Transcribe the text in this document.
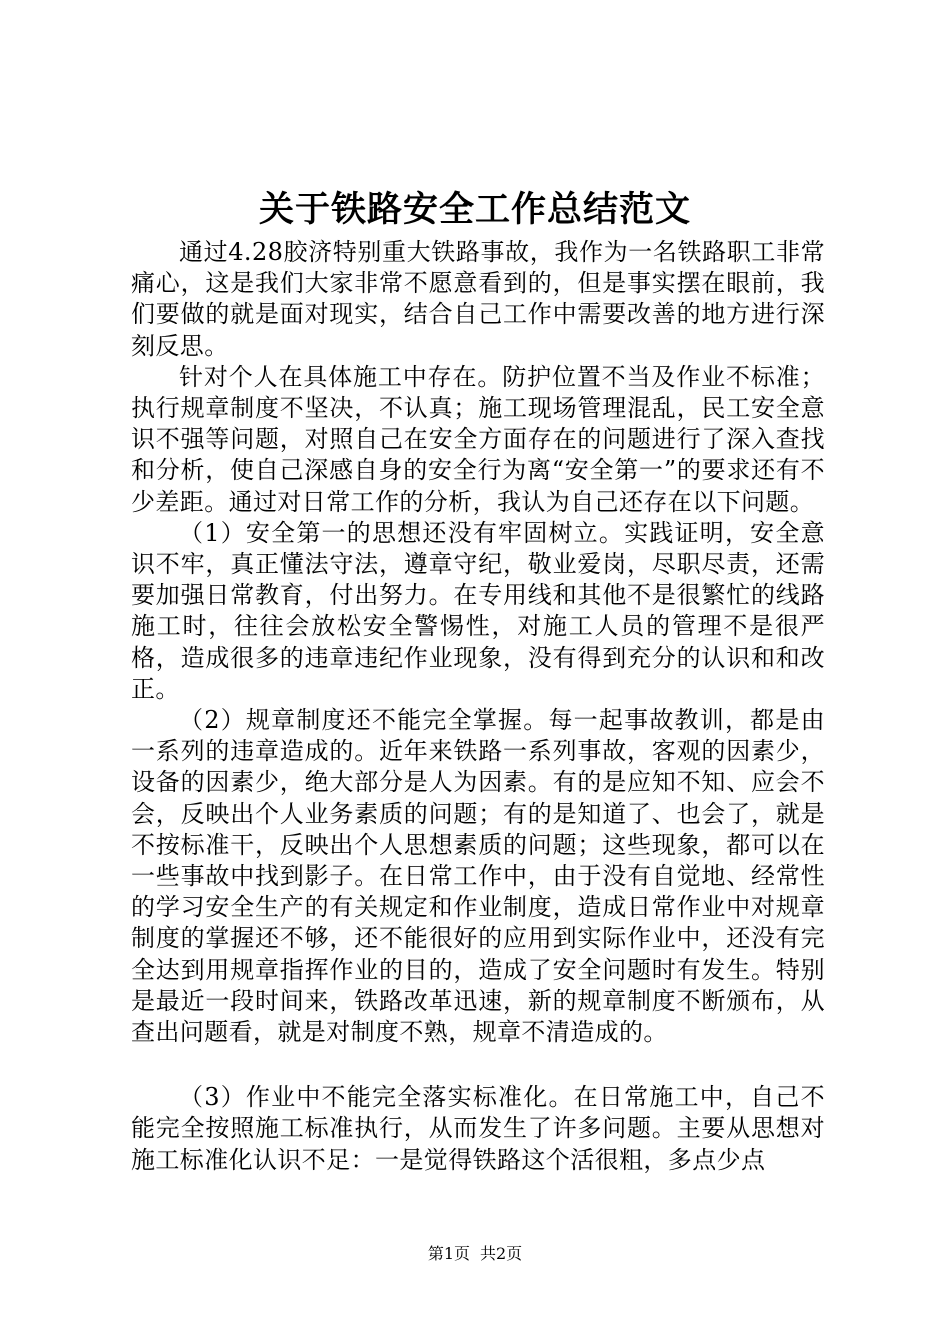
关于铁路安全工作总结范文

通过4.28胶济特别重大铁路事故，我作为一名铁路职工非常痛心，这是我们大家非常不愿意看到的，但是事实摆在眼前，我们要做的就是面对现实，结合自己工作中需要改善的地方进行深刻反思。

针对个人在具体施工中存在。防护位置不当及作业不标准；执行规章制度不坚决，不认真；施工现场管理混乱，民工安全意识不强等问题，对照自己在安全方面存在的问题进行了深入查找和分析，使自己深感自身的安全行为离“安全第一”的要求还有不少差距。通过对日常工作的分析，我认为自己还存在以下问题。

（1）安全第一的思想还没有牢固树立。实践证明，安全意识不牢，真正懂法守法，遵章守纪，敬业爱岗，尽职尽责，还需要加强日常教育，付出努力。在专用线和其他不是很繁忙的线路施工时，往往会放松安全警惕性，对施工人员的管理不是很严格，造成很多的违章违纪作业现象，没有得到充分的认识和和改正。

（2）规章制度还不能完全掌握。每一起事故教训，都是由一系列的违章造成的。近年来铁路一系列事故，客观的因素少，设备的因素少，绝大部分是人为因素。有的是应知不知、应会不会，反映出个人业务素质的问题；有的是知道了、也会了，就是不按标准干，反映出个人思想素质的问题；这些现象，都可以在一些事故中找到影子。在日常工作中，由于没有自觉地、经常性的学习安全生产的有关规定和作业制度，造成日常作业中对规章制度的掌握还不够，还不能很好的应用到实际作业中，还没有完全达到用规章指挥作业的目的，造成了安全问题时有发生。特别是最近一段时间来，铁路改革迅速，新的规章制度不断颁布，从查出问题看，就是对制度不熟，规章不清造成的。

（3）作业中不能完全落实标准化。在日常施工中，自己不能完全按照施工标准执行，从而发生了许多问题。主要从思想对施工标准化认识不足：一是觉得铁路这个活很粗，多点少点

第1页 共2页
